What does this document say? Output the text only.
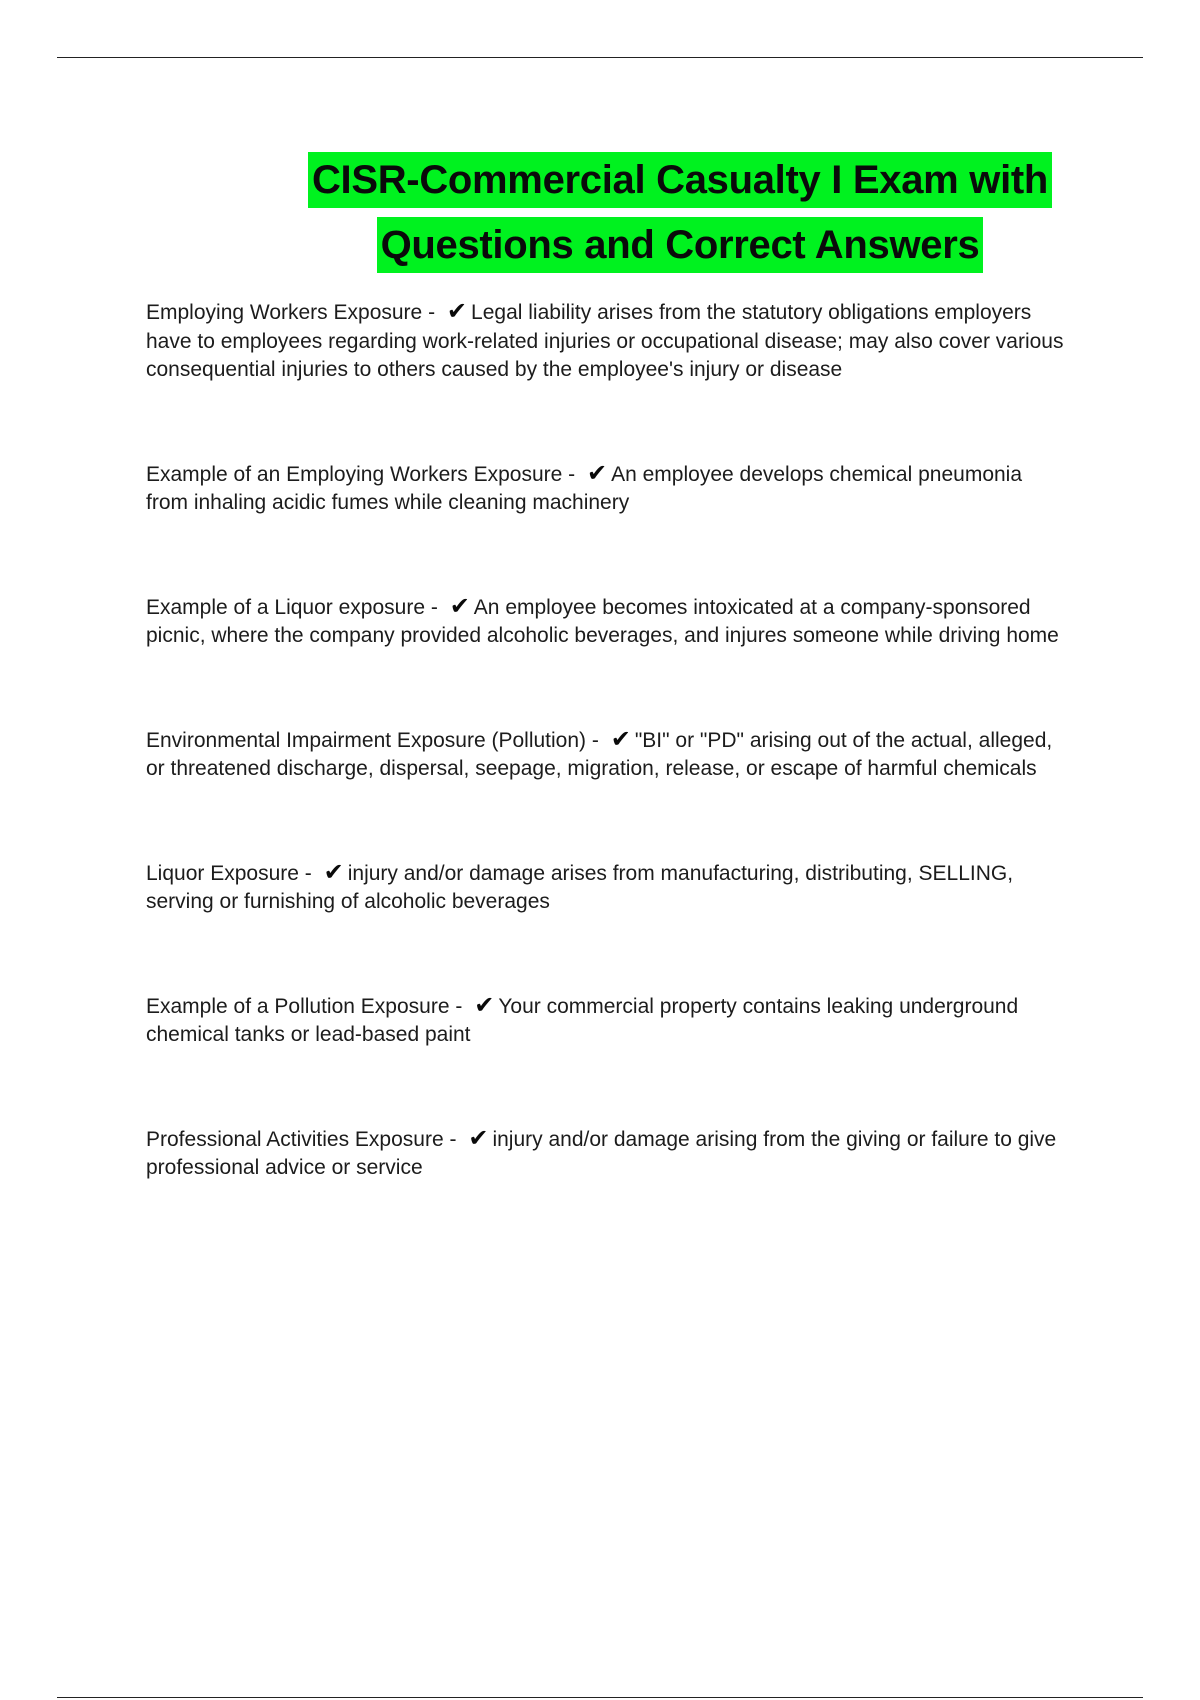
CISR-Commercial Casualty I Exam with
Questions and Correct Answers
Employing Workers Exposure - ✔ Legal liability arises from the statutory obligations employers have to employees regarding work-related injuries or occupational disease; may also cover various consequential injuries to others caused by the employee's injury or disease
Example of an Employing Workers Exposure - ✔ An employee develops chemical pneumonia from inhaling acidic fumes while cleaning machinery
Example of a Liquor exposure - ✔ An employee becomes intoxicated at a company-sponsored picnic, where the company provided alcoholic beverages, and injures someone while driving home
Environmental Impairment Exposure (Pollution) - ✔ "BI" or "PD" arising out of the actual, alleged, or threatened discharge, dispersal, seepage, migration, release, or escape of harmful chemicals
Liquor Exposure - ✔ injury and/or damage arises from manufacturing, distributing, SELLING, serving or furnishing of alcoholic beverages
Example of a Pollution Exposure - ✔ Your commercial property contains leaking underground chemical tanks or lead-based paint
Professional Activities Exposure - ✔ injury and/or damage arising from the giving or failure to give professional advice or service
